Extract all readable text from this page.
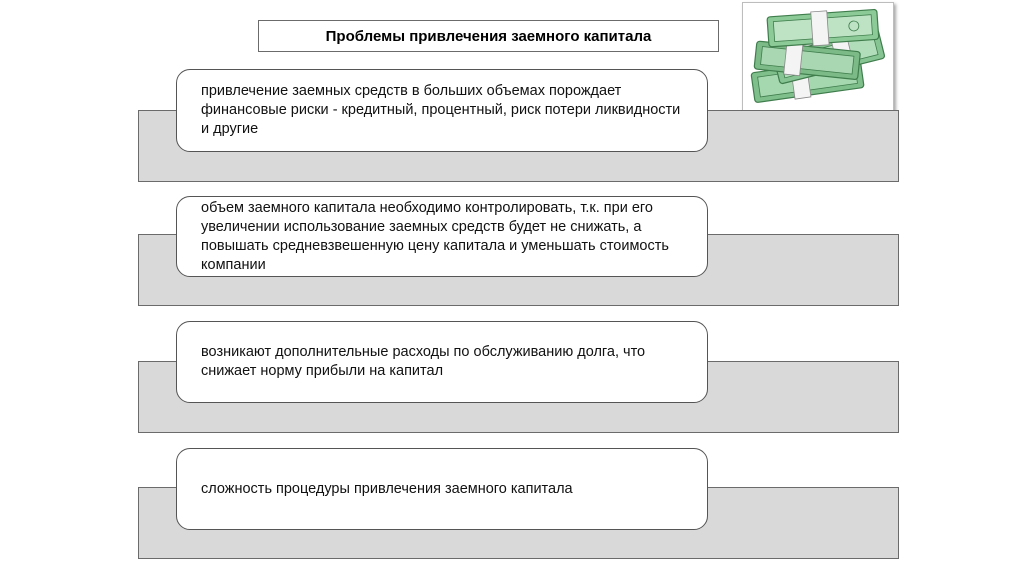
Проблемы привлечения заемного капитала
привлечение заемных средств в больших объемах порождает финансовые риски - кредитный, процентный, риск потери ликвидности и другие
объем заемного капитала необходимо контролировать, т.к. при его увеличении использование заемных средств будет не снижать, а повышать средневзвешенную цену капитала и уменьшать стоимость компании
возникают дополнительные расходы по обслуживанию долга, что снижает норму прибыли на капитал
сложность процедуры привлечения заемного капитала
